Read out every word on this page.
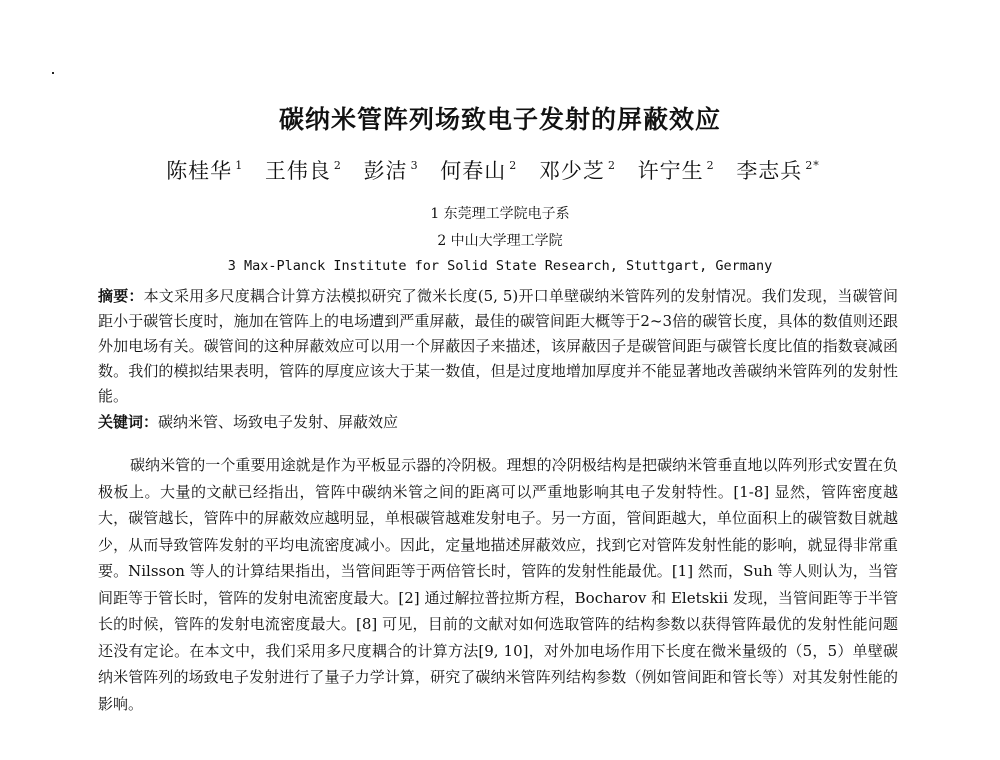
碳纳米管阵列场致电子发射的屏蔽效应
陈桂华 $^1$ 王伟良 $^2$ 彭洁 $^3$ 何春山 $^2$ 邓少芝 $^2$ 许宁生 $^2$ 李志兵 $^{2*}$
1 东莞理工学院电子系
2 中山大学理工学院
3 Max-Planck Institute for Solid State Research, Stuttgart, Germany

摘要：本文采用多尺度耦合计算方法模拟研究了微米长度(5, 5)开口单壁碳纳米管阵列的发射情况。我们发现，当碳管间距小于碳管长度时，施加在管阵上的电场遭到严重屏蔽，最佳的碳管间距大概等于2~3倍的碳管长度，具体的数值则还跟外加电场有关。碳管间的这种屏蔽效应可以用一个屏蔽因子来描述，该屏蔽因子是碳管间距与碳管长度比值的指数衰减函数。我们的模拟结果表明，管阵的厚度应该大于某一数值，但是过度地增加厚度并不能显著地改善碳纳米管阵列的发射性能。

关键词：碳纳米管、场致电子发射、屏蔽效应

碳纳米管的一个重要用途就是作为平板显示器的冷阴极。理想的冷阴极结构是把碳纳米管垂直地以阵列形式安置在负极板上。大量的文献已经指出，管阵中碳纳米管之间的距离可以严重地影响其电子发射特性。[1-8] 显然，管阵密度越大，碳管越长，管阵中的屏蔽效应越明显，单根碳管越难发射电子。另一方面，管间距越大，单位面积上的碳管数目就越少，从而导致管阵发射的平均电流密度减小。因此，定量地描述屏蔽效应，找到它对管阵发射性能的影响，就显得非常重要。Nilsson 等人的计算结果指出，当管间距等于两倍管长时，管阵的发射性能最优。[1] 然而，Suh 等人则认为，当管间距等于管长时，管阵的发射电流密度最大。[2] 通过解拉普拉斯方程，Bocharov 和 Eletskii 发现，当管间距等于半管长的时候，管阵的发射电流密度最大。[8] 可见，目前的文献对如何选取管阵的结构参数以获得管阵最优的发射性能问题还没有定论。在本文中，我们采用多尺度耦合的计算方法[9, 10]，对外加电场作用下长度在微米量级的（5，5）单壁碳纳米管阵列的场致电子发射进行了量子力学计算，研究了碳纳米管阵列结构参数（例如管间距和管长等）对其发射性能的影响。
